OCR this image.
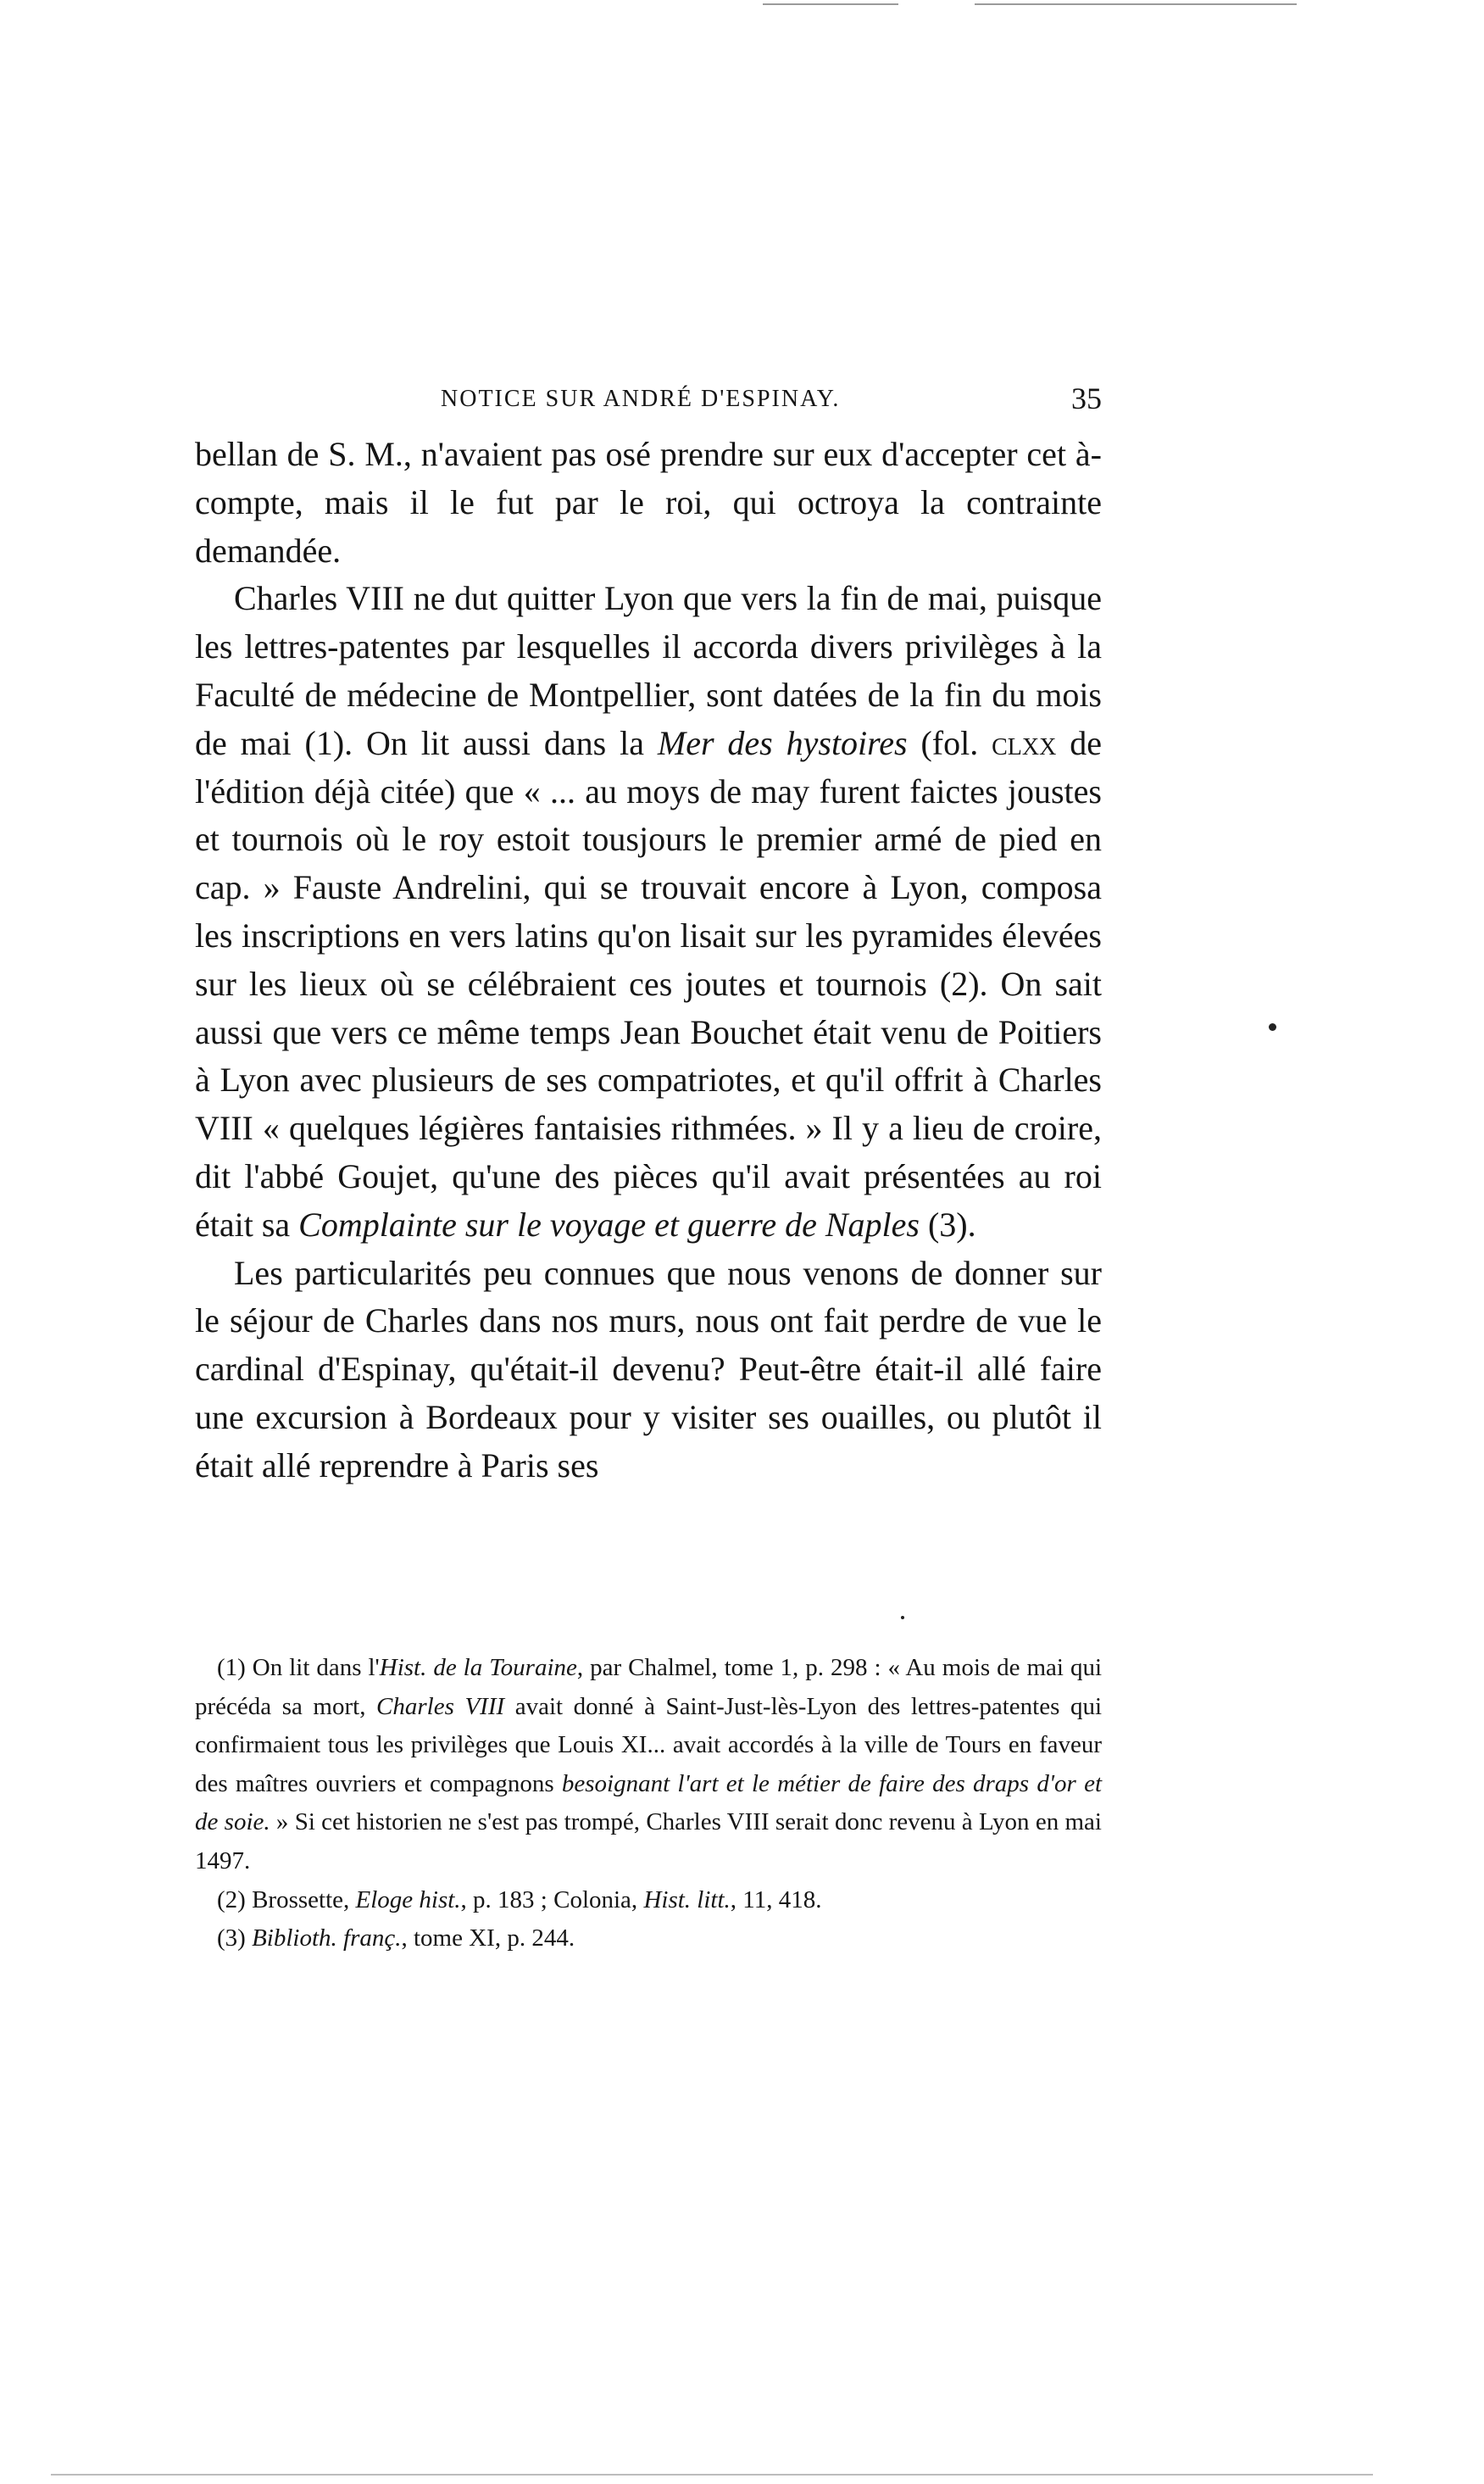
NOTICE SUR ANDRÉ D'ESPINAY.	35

bellan de S. M., n'avaient pas osé prendre sur eux d'accepter cet à-compte, mais il le fut par le roi, qui octroya la contrainte demandée.

Charles VIII ne dut quitter Lyon que vers la fin de mai, puisque les lettres-patentes par lesquelles il accorda divers privilèges à la Faculté de médecine de Montpellier, sont datées de la fin du mois de mai (1). On lit aussi dans la Mer des hystoires (fol. clxx de l'édition déjà citée) que « ... au moys de may furent faictes joustes et tournois où le roy estoit tousjours le premier armé de pied en cap. » Fauste Andrelini, qui se trouvait encore à Lyon, composa les inscriptions en vers latins qu'on lisait sur les pyramides élevées sur les lieux où se célébraient ces joutes et tournois (2). On sait aussi que vers ce même temps Jean Bouchet était venu de Poitiers à Lyon avec plusieurs de ses compatriotes, et qu'il offrit à Charles VIII « quelques légières fantaisies rithmées. » Il y a lieu de croire, dit l'abbé Goujet, qu'une des pièces qu'il avait présentées au roi était sa Complainte sur le voyage et guerre de Naples (3).

Les particularités peu connues que nous venons de donner sur le séjour de Charles dans nos murs, nous ont fait perdre de vue le cardinal d'Espinay, qu'était-il devenu? Peut-être était-il allé faire une excursion à Bordeaux pour y visiter ses ouailles, ou plutôt il était allé reprendre à Paris ses

(1) On lit dans l'Hist. de la Touraine, par Chalmel, tome 1, p. 298 : « Au mois de mai qui précéda sa mort, Charles VIII avait donné à Saint-Just-lès-Lyon des lettres-patentes qui confirmaient tous les privilèges que Louis XI... avait accordés à la ville de Tours en faveur des maîtres ouvriers et compagnons besoignant l'art et le métier de faire des draps d'or et de soie. » Si cet historien ne s'est pas trompé, Charles VIII serait donc revenu à Lyon en mai 1497.

(2) Brossette, Eloge hist., p. 183 ; Colonia, Hist. litt., 11, 418.

(3) Biblioth. franç., tome XI, p. 244.
